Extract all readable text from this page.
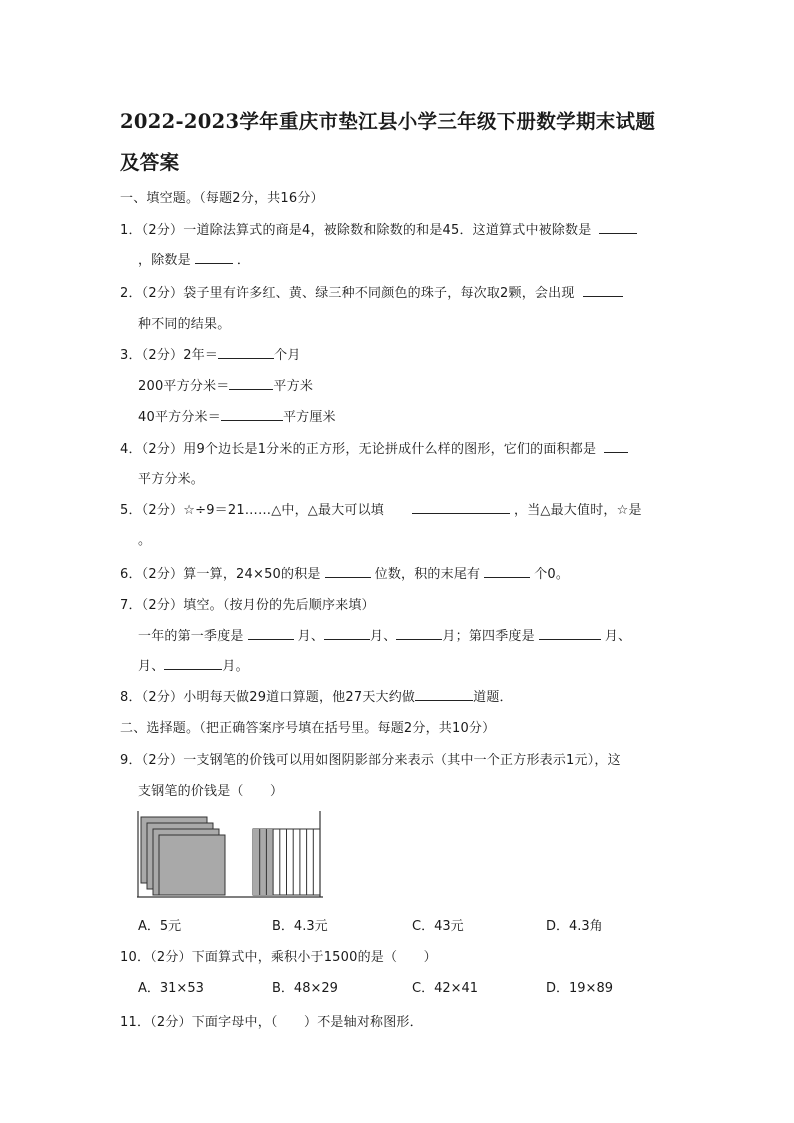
2022-2023学年重庆市垫江县小学三年级下册数学期末试题
及答案
一、填空题。（每题2分，共16分）
1．（2分）一道除法算式的商是4，被除数和除数的和是45．这道算式中被除数是
，除数是	．
2．（2分）袋子里有许多红、黄、绿三种不同颜色的珠子，每次取2颗，会出现
种不同的结果。
3．（2分）2年＝	个月
200平方分米＝	平方米
40平方分米＝	平方厘米
4．（2分）用9个边长是1分米的正方形，无论拼成什么样的图形，它们的面积都是
平方分米。
5．（2分）☆÷9＝21……△中，△最大可以填	，当△最大值时，☆是
。
6．（2分）算一算，24×50的积是	位数，积的末尾有	个0。
7．（2分）填空。（按月份的先后顺序来填）
一年的第一季度是	月、	月、	月；第四季度是	月、
月、	月。
8．（2分）小明每天做29道口算题，他27天大约做	道题．
二、选择题。（把正确答案序号填在括号里。每题2分，共10分）
9．（2分）一支钢笔的价钱可以用如图阴影部分来表示（其中一个正方形表示1元），这
支钢笔的价钱是（　　）
A．5元	B．4.3元	C．43元	D．4.3角
10．（2分）下面算式中，乘积小于1500的是（　　）
A．31×53	B．48×29	C．42×41	D．19×89
11．（2分）下面字母中，（　　）不是轴对称图形．
